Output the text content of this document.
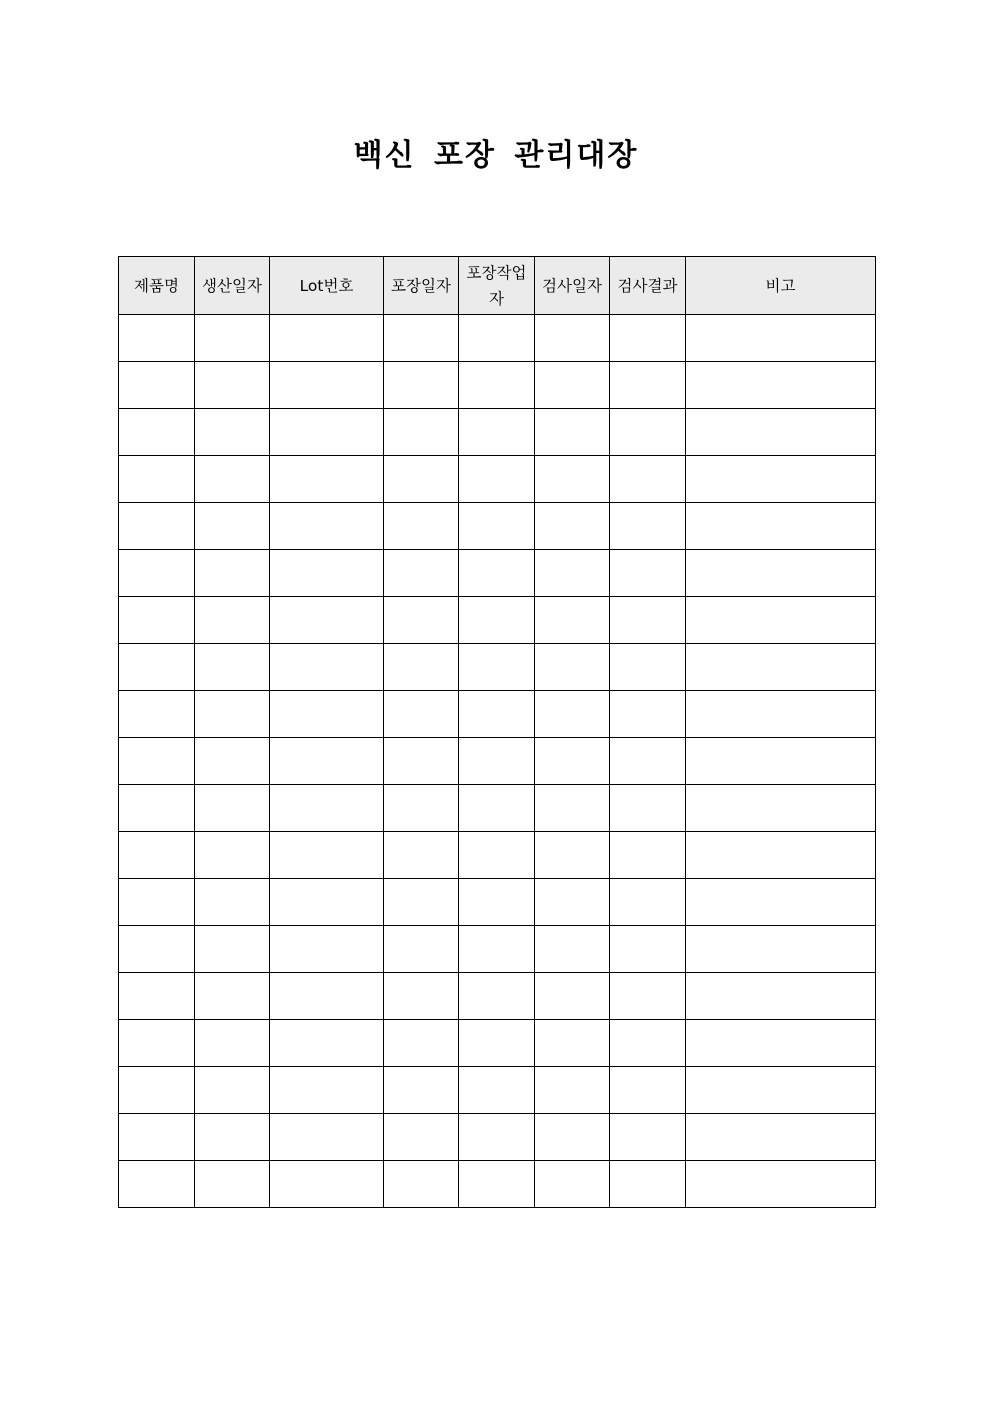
백신 포장 관리대장
제품명	생산일자	Lot번호	포장일자	포장작업자	검사일자	검사결과	비고
